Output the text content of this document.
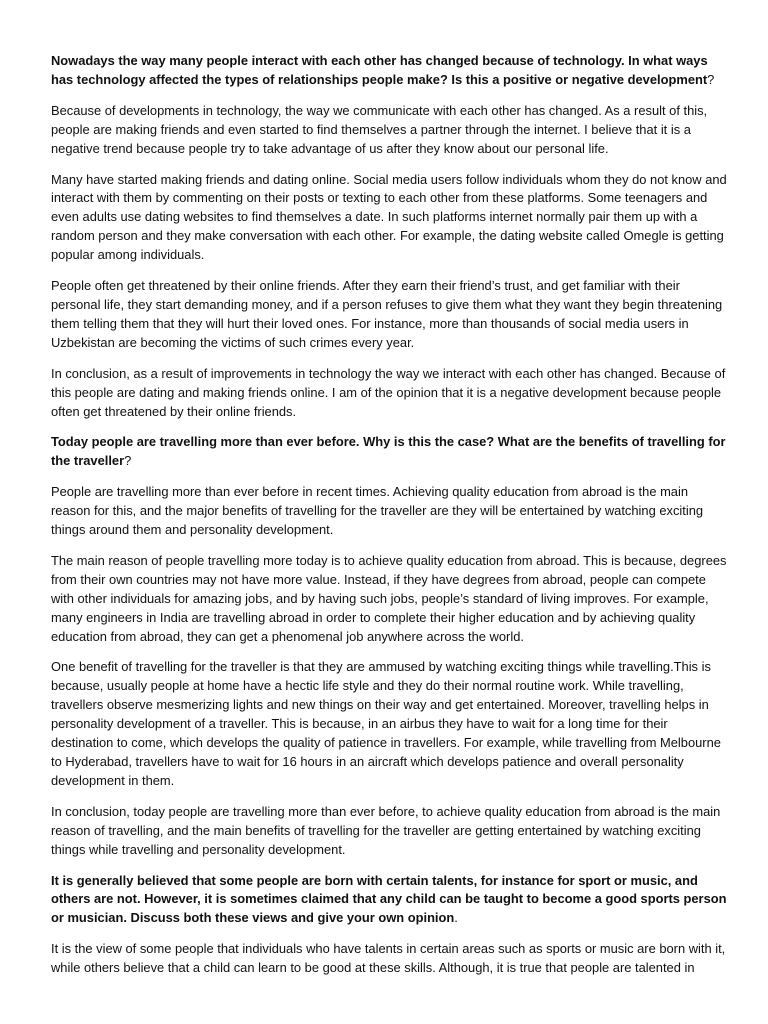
Nowadays the way many people interact with each other has changed because of technology. In what ways has technology affected the types of relationships people make? Is this a positive or negative development?

Because of developments in technology, the way we communicate with each other has changed. As a result of this, people are making friends and even started to find themselves a partner through the internet. I believe that it is a negative trend because people try to take advantage of us after they know about our personal life.

Many have started making friends and dating online. Social media users follow individuals whom they do not know and interact with them by commenting on their posts or texting to each other from these platforms. Some teenagers and even adults use dating websites to find themselves a date. In such platforms internet normally pair them up with a random person and they make conversation with each other. For example, the dating website called Omegle is getting popular among individuals.

People often get threatened by their online friends. After they earn their friend’s trust, and get familiar with their personal life, they start demanding money, and if a person refuses to give them what they want they begin threatening them telling them that they will hurt their loved ones. For instance, more than thousands of social media users in Uzbekistan are becoming the victims of such crimes every year.

In conclusion, as a result of improvements in technology the way we interact with each other has changed. Because of this people are dating and making friends online. I am of the opinion that it is a negative development because people often get threatened by their online friends.

Today people are travelling more than ever before. Why is this the case? What are the benefits of travelling for the traveller?

People are travelling more than ever before in recent times. Achieving quality education from abroad is the main reason for this, and the major benefits of travelling for the traveller are they will be entertained by watching exciting things around them and personality development.

The main reason of people travelling more today is to achieve quality education from abroad. This is because, degrees from their own countries may not have more value. Instead, if they have degrees from abroad, people can compete with other individuals for amazing jobs, and by having such jobs, people’s standard of living improves. For example, many engineers in India are travelling abroad in order to complete their higher education and by achieving quality education from abroad, they can get a phenomenal job anywhere across the world.

One benefit of travelling for the traveller is that they are ammused by watching exciting things while travelling.This is because, usually people at home have a hectic life style and they do their normal routine work. While travelling, travellers observe mesmerizing lights and new things on their way and get entertained. Moreover, travelling helps in personality development of a traveller. This is because, in an airbus they have to wait for a long time for their destination to come, which develops the quality of patience in travellers. For example, while travelling from Melbourne to Hyderabad, travellers have to wait for 16 hours in an aircraft which develops patience and overall personality development in them.

In conclusion, today people are travelling more than ever before, to achieve quality education from abroad is the main reason of travelling, and the main benefits of travelling for the traveller are getting entertained by watching exciting things while travelling and personality development.

It is generally believed that some people are born with certain talents, for instance for sport or music, and others are not. However, it is sometimes claimed that any child can be taught to become a good sports person or musician. Discuss both these views and give your own opinion.

It is the view of some people that individuals who have talents in certain areas such as sports or music are born with it, while others believe that a child can learn to be good at these skills. Although, it is true that people are talented in
